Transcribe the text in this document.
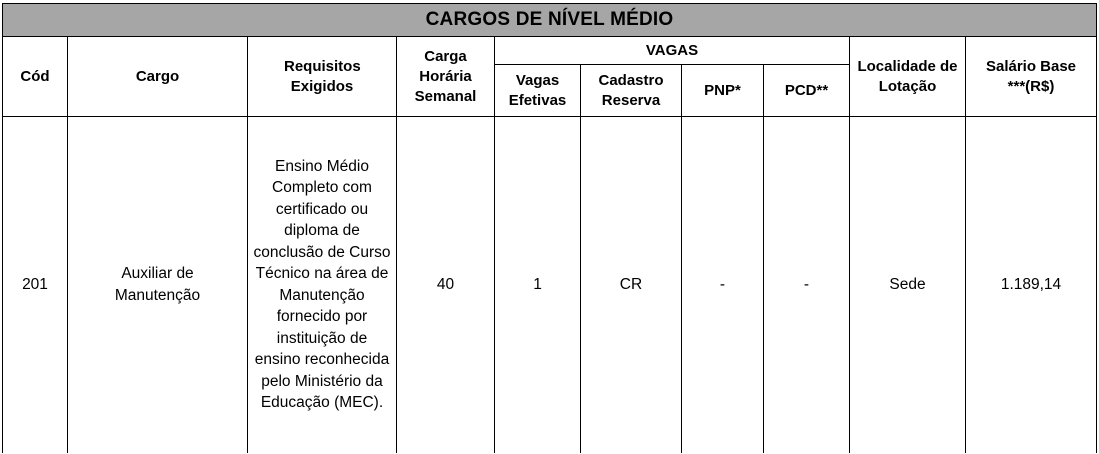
CARGOS DE NÍVEL MÉDIO									
Cód	Cargo	Requisitos Exigidos	Carga Horária Semanal	VAGAS				Localidade de Lotação	Salário Base ***(R$)
				Vagas Efetivas	Cadastro Reserva	PNP*	PCD**		
201	Auxiliar de Manutenção	Ensino Médio Completo com certificado ou diploma de conclusão de Curso Técnico na área de Manutenção fornecido por instituição de ensino reconhecida pelo Ministério da Educação (MEC).	40	1	CR	-	-	Sede	1.189,14
